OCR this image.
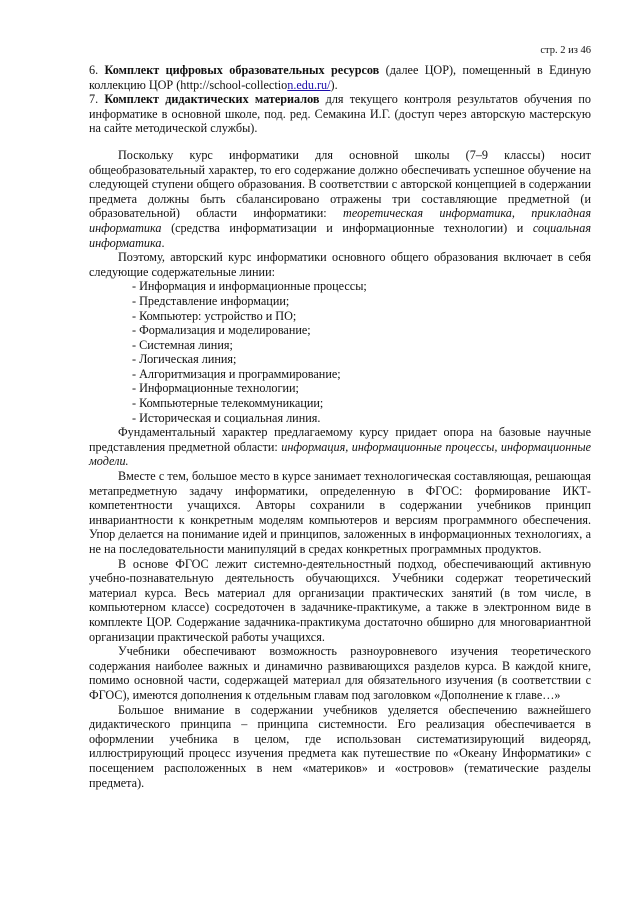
стр. 2 из 46

6. Комплект цифровых образовательных ресурсов (далее ЦОР), помещенный в Единую коллекцию ЦОР (http://school-collection.edu.ru/).

7. Комплект дидактических материалов для текущего контроля результатов обучения по информатике в основной школе, под. ред. Семакина И.Г. (доступ через авторскую мастерскую на сайте методической службы).

Поскольку курс информатики для основной школы (7–9 классы) носит общеобразовательный характер, то его содержание должно обеспечивать успешное обучение на следующей ступени общего образования. В соответствии с авторской концепцией в содержании предмета должны быть сбалансировано отражены три составляющие предметной (и образовательной) области информатики: теоретическая информатика, прикладная информатика (средства информатизации и информационные технологии) и социальная информатика.

Поэтому, авторский курс информатики основного общего образования включает в себя следующие содержательные линии:

- Информация и информационные процессы;
- Представление информации;
- Компьютер: устройство и ПО;
- Формализация и моделирование;
- Системная линия;
- Логическая линия;
- Алгоритмизация и программирование;
- Информационные технологии;
- Компьютерные телекоммуникации;
- Историческая и социальная линия.

Фундаментальный характер предлагаемому курсу придает опора на базовые научные представления предметной области: информация, информационные процессы, информационные модели.

Вместе с тем, большое место в курсе занимает технологическая составляющая, решающая метапредметную задачу информатики, определенную в ФГОС: формирование ИКТ-компетентности учащихся. Авторы сохранили в содержании учебников принцип инвариантности к конкретным моделям компьютеров и версиям программного обеспечения. Упор делается на понимание идей и принципов, заложенных в информационных технологиях, а не на последовательности манипуляций в средах конкретных программных продуктов.

В основе ФГОС лежит системно-деятельностный подход, обеспечивающий активную учебно-познавательную деятельность обучающихся. Учебники содержат теоретический материал курса. Весь материал для организации практических занятий (в том числе, в компьютерном классе) сосредоточен в задачнике-практикуме, а также в электронном виде в комплекте ЦОР. Содержание задачника-практикума достаточно обширно для многовариантной организации практической работы учащихся.

Учебники обеспечивают возможность разноуровневого изучения теоретического содержания наиболее важных и динамично развивающихся разделов курса. В каждой книге, помимо основной части, содержащей материал для обязательного изучения (в соответствии с ФГОС), имеются дополнения к отдельным главам под заголовком «Дополнение к главе…»

Большое внимание в содержании учебников уделяется обеспечению важнейшего дидактического принципа – принципа системности. Его реализация обеспечивается в оформлении учебника в целом, где использован систематизирующий видеоряд, иллюстрирующий процесс изучения предмета как путешествие по «Океану Информатики» с посещением расположенных в нем «материков» и «островов» (тематические разделы предмета).
